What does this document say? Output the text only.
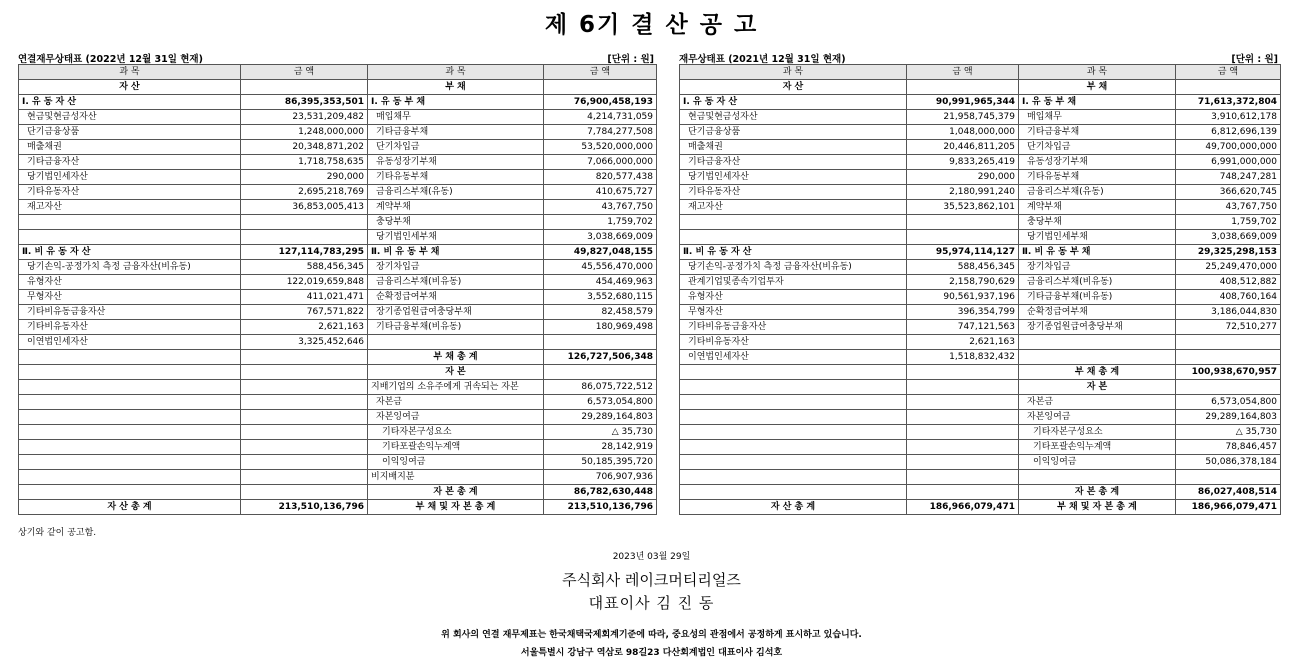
제 6기 결 산 공 고
연결재무상태표 (2022년 12월 31일 현재)	[단위 : 원]
과 목	금 액	과 목	금 액
자 산		부 채	
Ⅰ. 유 동 자 산	86,395,353,501	Ⅰ. 유 동 부 채	76,900,458,193
현금및현금성자산	23,531,209,482	매입채무	4,214,731,059
단기금융상품	1,248,000,000	기타금융부채	7,784,277,508
매출채권	20,348,871,202	단기차입금	53,520,000,000
기타금융자산	1,718,758,635	유동성장기부채	7,066,000,000
당기법인세자산	290,000	기타유동부채	820,577,438
기타유동자산	2,695,218,769	금융리스부채(유동)	410,675,727
재고자산	36,853,005,413	계약부채	43,767,750
		충당부채	1,759,702
		당기법인세부채	3,038,669,009
Ⅱ. 비 유 동 자 산	127,114,783,295	Ⅱ. 비 유 동 부 채	49,827,048,155
당기손익-공정가치 측정 금융자산(비유동)	588,456,345	장기차입금	45,556,470,000
유형자산	122,019,659,848	금융리스부채(비유동)	454,469,963
무형자산	411,021,471	순확정급여부채	3,552,680,115
기타비유동금융자산	767,571,822	장기종업원급여충당부채	82,458,579
기타비유동자산	2,621,163	기타금융부채(비유동)	180,969,498
이연법인세자산	3,325,452,646		
		부 채 총 계	126,727,506,348
		자 본	
		지배기업의 소유주에게 귀속되는 자본	86,075,722,512
		자본금	6,573,054,800
		자본잉여금	29,289,164,803
		기타자본구성요소	△ 35,730
		기타포괄손익누계액	28,142,919
		이익잉여금	50,185,395,720
		비지배지분	706,907,936
		자 본 총 계	86,782,630,448
자 산 총 계	213,510,136,796	부 채 및 자 본 총 계	213,510,136,796
재무상태표 (2021년 12월 31일 현재)	[단위 : 원]
과 목	금 액	과 목	금 액
자 산		부 채	
Ⅰ. 유 동 자 산	90,991,965,344	Ⅰ. 유 동 부 채	71,613,372,804
현금및현금성자산	21,958,745,379	매입채무	3,910,612,178
단기금융상품	1,048,000,000	기타금융부채	6,812,696,139
매출채권	20,446,811,205	단기차입금	49,700,000,000
기타금융자산	9,833,265,419	유동성장기부채	6,991,000,000
당기법인세자산	290,000	기타유동부채	748,247,281
기타유동자산	2,180,991,240	금융리스부채(유동)	366,620,745
재고자산	35,523,862,101	계약부채	43,767,750
		충당부채	1,759,702
		당기법인세부채	3,038,669,009
Ⅱ. 비 유 동 자 산	95,974,114,127	Ⅱ. 비 유 동 부 채	29,325,298,153
당기손익-공정가치 측정 금융자산(비유동)	588,456,345	장기차입금	25,249,470,000
관계기업및종속기업투자	2,158,790,629	금융리스부채(비유동)	408,512,882
유형자산	90,561,937,196	기타금융부채(비유동)	408,760,164
무형자산	396,354,799	순확정급여부채	3,186,044,830
기타비유동금융자산	747,121,563	장기종업원급여충당부채	72,510,277
기타비유동자산	2,621,163		
이연법인세자산	1,518,832,432		
		부 채 총 계	100,938,670,957
		자 본	
		자본금	6,573,054,800
		자본잉여금	29,289,164,803
		기타자본구성요소	△ 35,730
		기타포괄손익누계액	78,846,457
		이익잉여금	50,086,378,184

		자 본 총 계	86,027,408,514
자 산 총 계	186,966,079,471	부 채 및 자 본 총 계	186,966,079,471
상기와 같이 공고함.
2023년 03월 29일
주식회사 레이크머티리얼즈
대표이사 김 진 동
위 회사의 연결 재무제표는 한국채택국제회계기준에 따라, 중요성의 관점에서 공정하게 표시하고 있습니다.
서울특별시 강남구 역삼로 98길23 다산회계법인 대표이사 김석호
